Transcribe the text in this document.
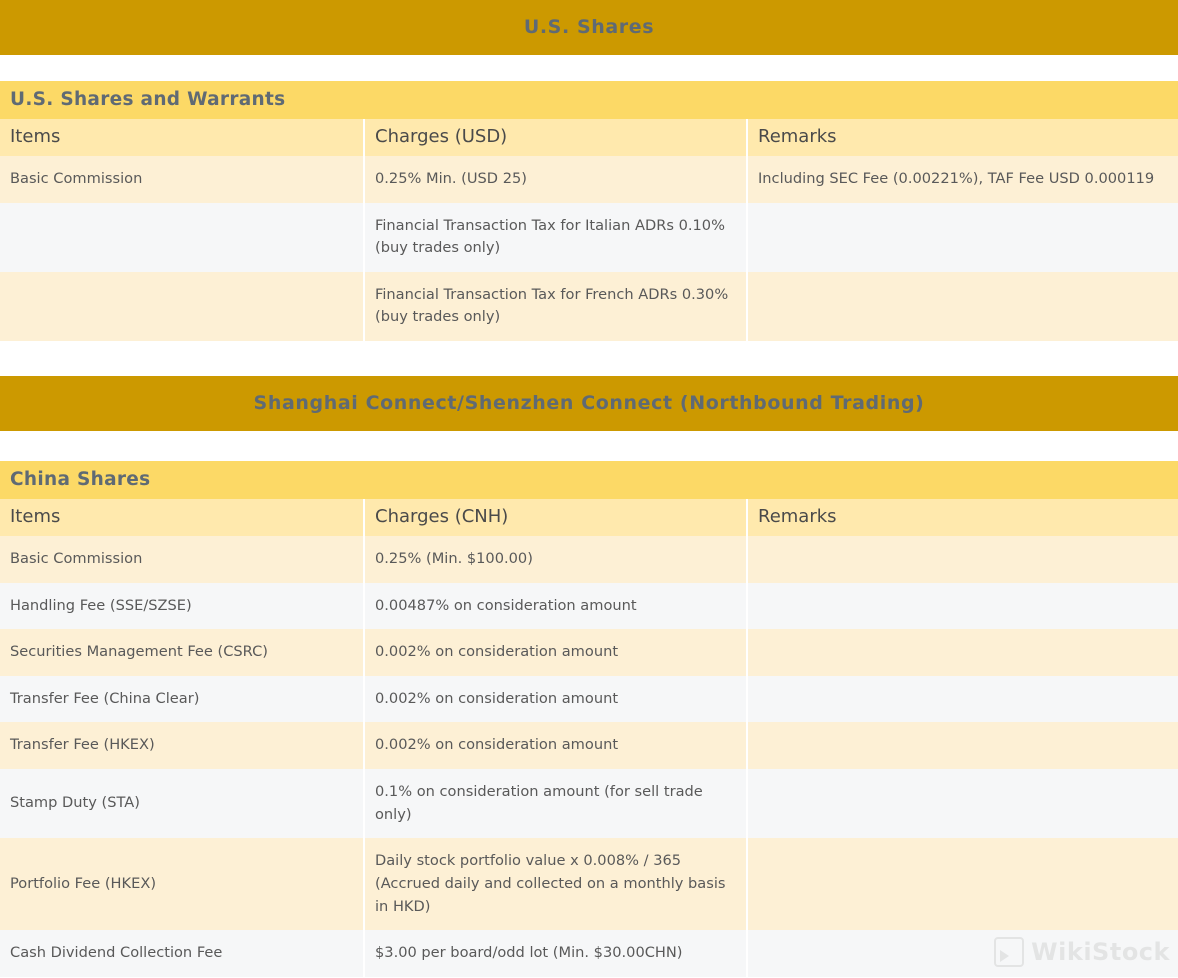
U.S. Shares
U.S. Shares and Warrants		
Items	Charges (USD)	Remarks
Basic Commission	0.25% Min. (USD 25)	Including SEC Fee (0.00221%), TAF Fee USD 0.000119
	Financial Transaction Tax for Italian ADRs 0.10% (buy trades only)	
	Financial Transaction Tax for French ADRs 0.30% (buy trades only)	
Shanghai Connect/Shenzhen Connect (Northbound Trading)
China Shares		
Items	Charges (CNH)	Remarks
Basic Commission	0.25% (Min. $100.00)	
Handling Fee (SSE/SZSE)	0.00487% on consideration amount	
Securities Management Fee (CSRC)	0.002% on consideration amount	
Transfer Fee (China Clear)	0.002% on consideration amount	
Transfer Fee (HKEX)	0.002% on consideration amount	
Stamp Duty (STA)	0.1% on consideration amount (for sell trade only)	
Portfolio Fee (HKEX)	Daily stock portfolio value x 0.008% / 365 (Accrued daily and collected on a monthly basis in HKD)	
Cash Dividend Collection Fee	$3.00 per board/odd lot (Min. $30.00CHN)		WikiStock
